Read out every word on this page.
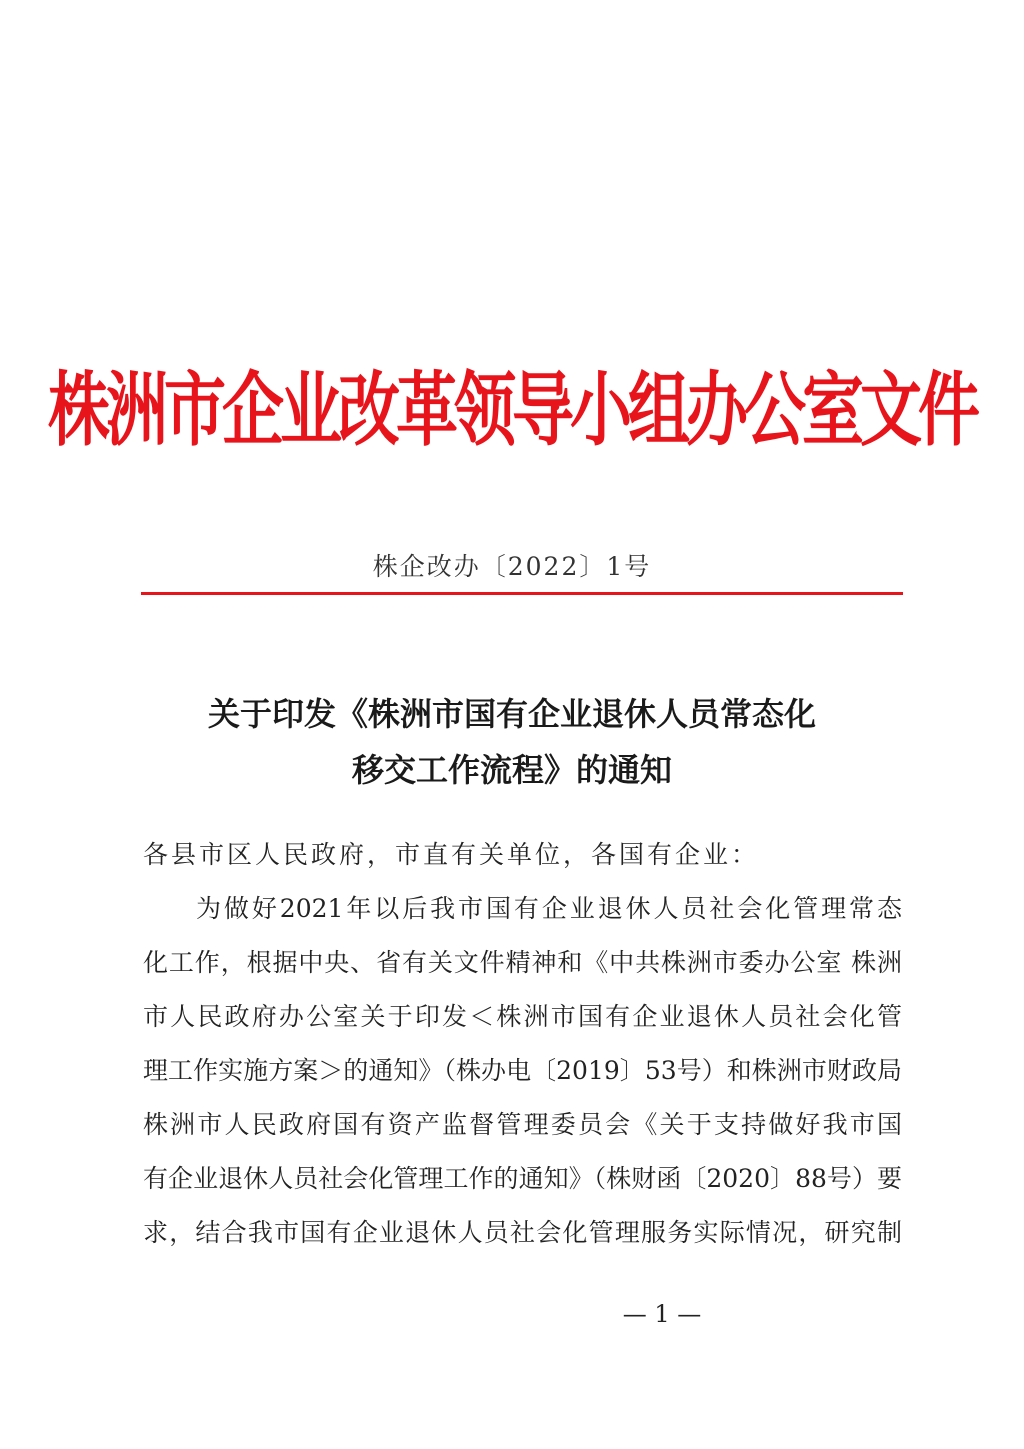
株洲市企业改革领导小组办公室文件
株企改办〔2022〕1号
关于印发《株洲市国有企业退休人员常态化
移交工作流程》的通知
各县市区人民政府，市直有关单位，各国有企业：
为做好2021年以后我市国有企业退休人员社会化管理常态
化工作，根据中央、省有关文件精神和《中共株洲市委办公室 株洲
市人民政府办公室关于印发＜株洲市国有企业退休人员社会化管
理工作实施方案＞的通知》（株办电〔2019〕53号）和株洲市财政局
株洲市人民政府国有资产监督管理委员会《关于支持做好我市国
有企业退休人员社会化管理工作的通知》（株财函〔2020〕88号）要
求，结合我市国有企业退休人员社会化管理服务实际情况，研究制
— 1 —
